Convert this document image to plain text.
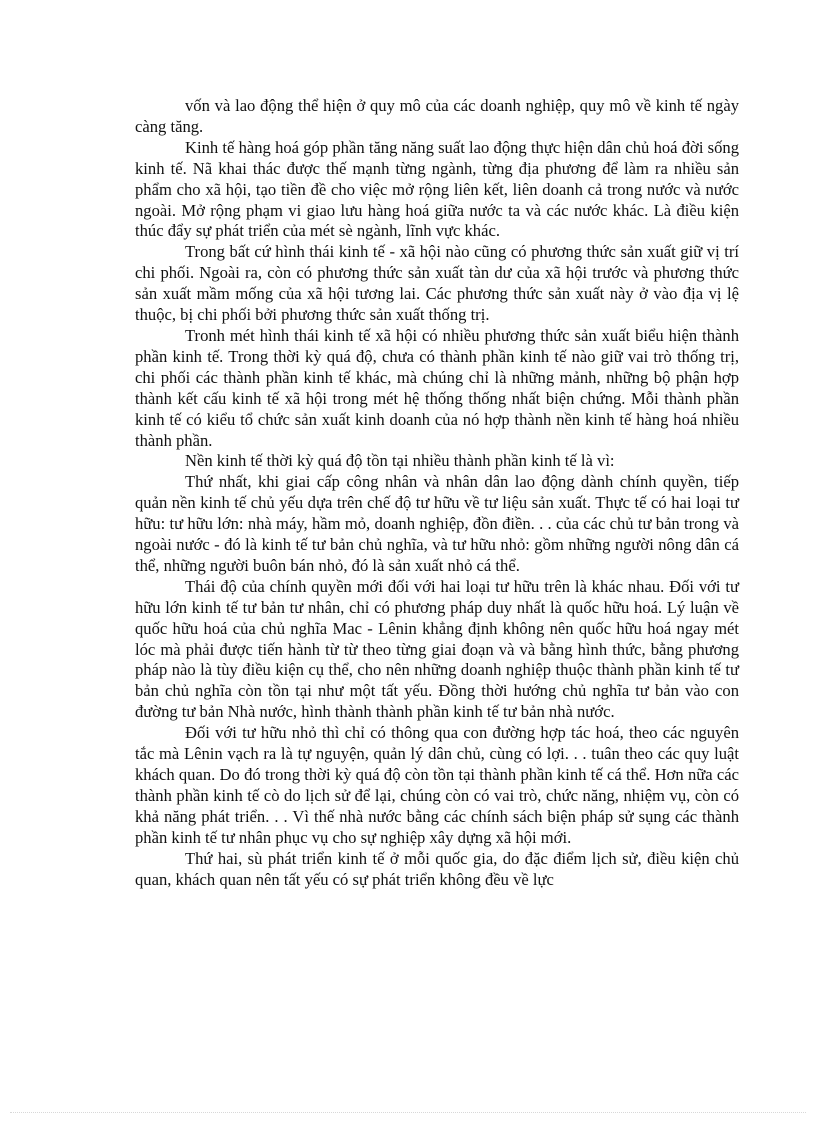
vốn và lao động thể hiện ở quy mô của các doanh nghiệp, quy mô về kinh tế ngày càng tăng.

Kinh tế hàng hoá góp phần tăng năng suất lao động thực hiện dân chủ hoá đời sống kinh tế. Nã khai thác được thế mạnh từng ngành, từng địa phương để làm ra nhiều sản phẩm cho xã hội, tạo tiền đề cho việc mở rộng liên kết, liên doanh cả trong nước và nước ngoài. Mở rộng phạm vi giao lưu hàng hoá giữa nước ta và các nước khác. Là điều kiện thúc đẩy sự phát triển của mét sè ngành, lĩnh vực khác.

Trong bất cứ hình thái kinh tế - xã hội nào cũng có phương thức sản xuất giữ vị trí chi phối. Ngoài ra, còn có phương thức sản xuất tàn dư của xã hội trước và phương thức sản xuất mầm mống của xã hội tương lai. Các phương thức sản xuất này ở vào địa vị lệ thuộc, bị chi phối bởi phương thức sản xuất thống trị.

Tronh mét hình thái kinh tế xã hội có nhiều phương thức sản xuất biểu hiện thành phần kinh tế. Trong thời kỳ quá độ, chưa có thành phần kinh tế nào giữ vai trò thống trị, chi phối các thành phần kinh tế khác, mà chúng chỉ là những mảnh, những bộ phận hợp thành kết cấu kinh tế xã hội trong mét hệ thống thống nhất biện chứng. Mỗi thành phần kinh tế có kiểu tổ chức sản xuất kinh doanh của nó hợp thành nền kinh tế hàng hoá nhiều thành phần.

Nền kinh tế thời kỳ quá độ tồn tại nhiều thành phần kinh tế là vì:

Thứ nhất, khi giai cấp công nhân và nhân dân lao động dành chính quyền, tiếp quản nền kinh tế chủ yếu dựa trên chế độ tư hữu về tư liệu sản xuất. Thực tế có hai loại tư hữu: tư hữu lớn: nhà máy, hầm mỏ, doanh nghiệp, đồn điền. . . của các chủ tư bản trong và ngoài nước - đó là kinh tế tư bản chủ nghĩa, và tư hữu nhỏ: gồm những người nông dân cá thể, những người buôn bán nhỏ, đó là sản xuất nhỏ cá thể.

Thái độ của chính quyền mới đối với hai loại tư hữu trên là khác nhau. Đối với tư hữu lớn kinh tế tư bản tư nhân, chỉ có phương pháp duy nhất là quốc hữu hoá. Lý luận về quốc hữu hoá của chủ nghĩa Mac - Lênin khẳng định không nên quốc hữu hoá ngay mét lóc mà phải được tiến hành từ từ theo từng giai đoạn và và bằng hình thức, bằng phương pháp nào là tùy điều kiện cụ thể, cho nên những doanh nghiệp thuộc thành phần kinh tế tư bản chủ nghĩa còn tồn tại như một tất yếu. Đồng thời hướng chủ nghĩa tư bản vào con đường tư bản Nhà nước, hình thành thành phần kinh tế tư bản nhà nước.

Đối với tư hữu nhỏ thì chỉ có thông qua con đường hợp tác hoá, theo các nguyên tắc mà Lênin vạch ra là tự nguyện, quản lý dân chủ, cùng có lợi. . . tuân theo các quy luật khách quan. Do đó trong thời kỳ quá độ còn tồn tại thành phần kinh tế cá thể. Hơn nữa các thành phần kinh tế cò do lịch sử để lại, chúng còn có vai trò, chức năng, nhiệm vụ, còn có khả năng phát triển. . . Vì thế nhà nước bằng các chính sách biện pháp sử sụng các thành phần kinh tế tư nhân phục vụ cho sự nghiệp xây dựng xã hội mới.

Thứ hai, sù phát triển kinh tế ở mỗi quốc gia, do đặc điểm lịch sử, điều kiện chủ quan, khách quan nên tất yếu có sự phát triển không đều về lực
